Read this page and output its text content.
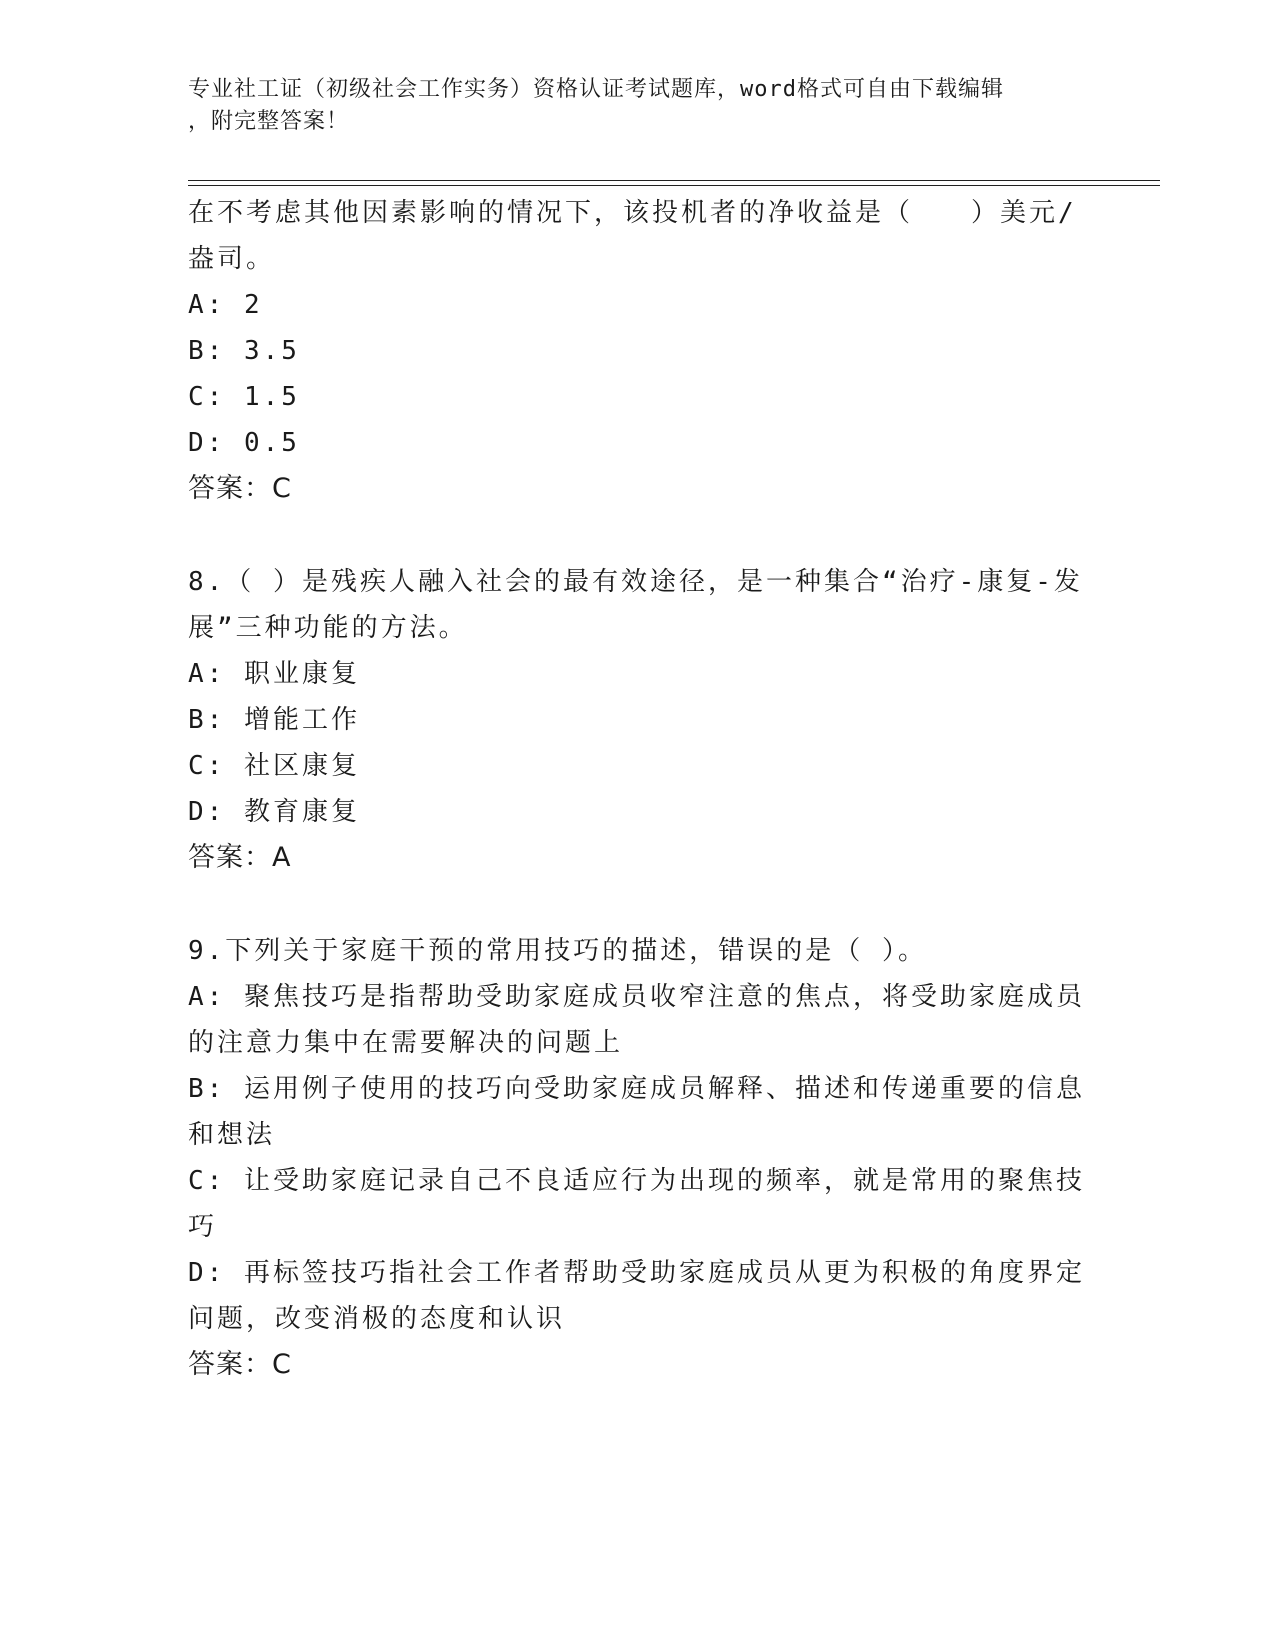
专业社工证（初级社会工作实务）资格认证考试题库，word格式可自由下载编辑
，附完整答案！
在不考虑其他因素影响的情况下，该投机者的净收益是（　　）美元/
盎司。
A: 2
B: 3.5
C: 1.5
D: 0.5
答案：C
8.（ ）是残疾人融入社会的最有效途径，是一种集合“治疗-康复-发
展”三种功能的方法。
A: 职业康复
B: 增能工作
C: 社区康复
D: 教育康复
答案：A
9.下列关于家庭干预的常用技巧的描述，错误的是（ ）。
A: 聚焦技巧是指帮助受助家庭成员收窄注意的焦点，将受助家庭成员
的注意力集中在需要解决的问题上
B: 运用例子使用的技巧向受助家庭成员解释、描述和传递重要的信息
和想法
C: 让受助家庭记录自己不良适应行为出现的频率，就是常用的聚焦技
巧
D: 再标签技巧指社会工作者帮助受助家庭成员从更为积极的角度界定
问题，改变消极的态度和认识
答案：C
